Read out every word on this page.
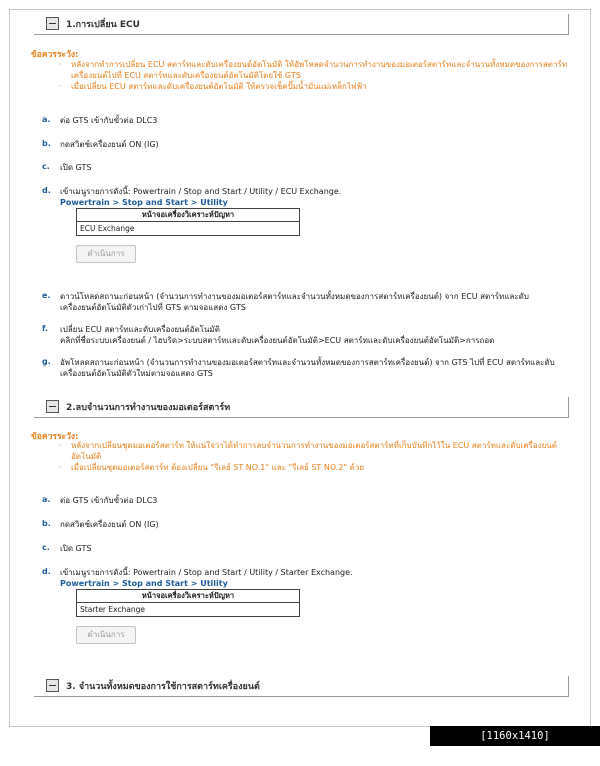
1.การเปลี่ยน ECU
ข้อควรระวัง:
· หลังจากทำการเปลี่ยน ECU สตาร์ทและดับเครื่องยนต์อัตโนมัติ ให้อัพโหลดจำนวนการทำงานของมอเตอร์สตาร์ทและจำนวนทั้งหมดของการสตาร์ทเครื่องยนต์ไปที่ ECU สตาร์ทและดับเครื่องยนต์อัตโนมัติโดยใช้ GTS
· เมื่อเปลี่ยน ECU สตาร์ทและดับเครื่องยนต์อัตโนมัติ ให้ตรวจเช็คปั๊มน้ำมันแม่เหล็กไฟฟ้า
a. ต่อ GTS เข้ากับขั้วต่อ DLC3
b. กดสวิตช์เครื่องยนต์ ON (IG)
c. เปิด GTS
d. เข้าเมนูรายการดังนี้: Powertrain / Stop and Start / Utility / ECU Exchange.
Powertrain > Stop and Start > Utility
หน้าจอเครื่องวิเคราะห์ปัญหา
ECU Exchange
ดำเนินการ
e. ดาวน์โหลดสถานะก่อนหน้า (จำนวนการทำงานของมอเตอร์สตาร์ทและจำนวนทั้งหมดของการสตาร์ทเครื่องยนต์) จาก ECU สตาร์ทและดับเครื่องยนต์อัตโนมัติตัวเก่าไปที่ GTS ตามจอแสดง GTS
f. เปลี่ยน ECU สตาร์ทและดับเครื่องยนต์อัตโนมัติ
คลิกที่ชื่อระบบเครื่องยนต์ / ไฮบริด>ระบบสตาร์ทและดับเครื่องยนต์อัตโนมัติ>ECU สตาร์ทและดับเครื่องยนต์อัตโนมัติ>การถอด
g. อัพโหลดสถานะก่อนหน้า (จำนวนการทำงานของมอเตอร์สตาร์ทและจำนวนทั้งหมดของการสตาร์ทเครื่องยนต์) จาก GTS ไปที่ ECU สตาร์ทและดับเครื่องยนต์อัตโนมัติตัวใหม่ตามจอแสดง GTS
2.ลบจำนวนการทำงานของมอเตอร์สตาร์ท
ข้อควรระวัง:
· หลังจากเปลี่ยนชุดมอเตอร์สตาร์ท ให้แน่ใจว่าได้ทำการลบจำนวนการทำงานของมอเตอร์สตาร์ทที่เก็บบันทึกไว้ใน ECU สตาร์ทและดับเครื่องยนต์อัตโนมัติ
· เมื่อเปลี่ยนชุดมอเตอร์สตาร์ท ต้องเปลี่ยน "รีเลย์ ST NO.1" และ "รีเลย์ ST NO.2" ด้วย
a. ต่อ GTS เข้ากับขั้วต่อ DLC3
b. กดสวิตช์เครื่องยนต์ ON (IG)
c. เปิด GTS
d. เข้าเมนูรายการดังนี้: Powertrain / Stop and Start / Utility / Starter Exchange.
Powertrain > Stop and Start > Utility
หน้าจอเครื่องวิเคราะห์ปัญหา
Starter Exchange
ดำเนินการ
3. จำนวนทั้งหมดของการใช้การสตาร์ทเครื่องยนต์
[1160x1410] https://upic.me/
